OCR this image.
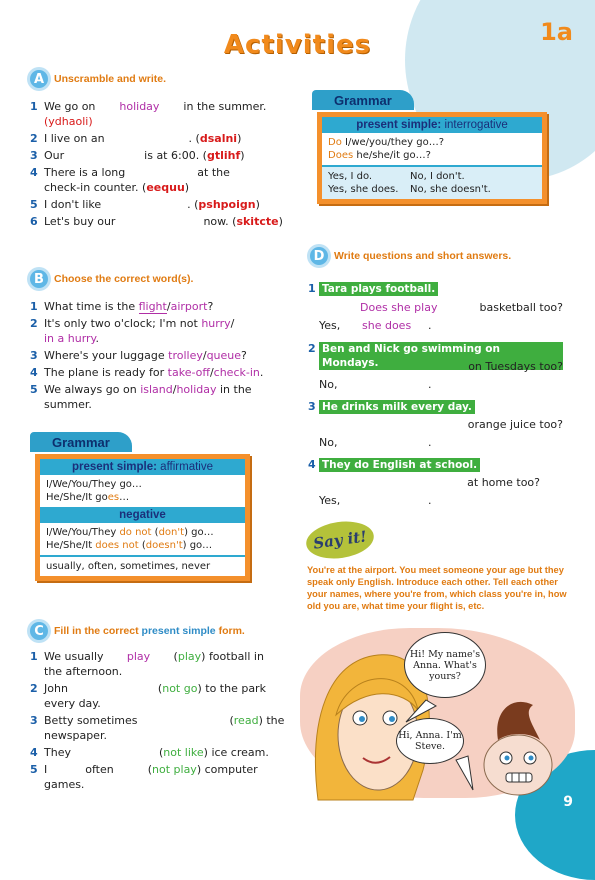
1a
Activities
A Unscramble and write.
1 We go on holiday in the summer.
(ydhaoli)
2 I live on an	. (dsalni)
3 Our	is at 6:00. (gtlihf)
4 There is a long	at the
check-in counter. (eequu)
5 I don't like	. (pshpoign)
6 Let's buy our	now. (skitcte)
B Choose the correct word(s).
1 What time is the flight/airport?
2 It's only two o'clock; I'm not hurry/
in a hurry.
3 Where's your luggage trolley/queue?
4 The plane is ready for take-off/check-in.
5 We always go on island/holiday in the
summer.
Grammar
present simple: affirmative
I/We/You/They go…
He/She/It goes…
negative
I/We/You/They do not (don't) go…
He/She/It does not (doesn't) go…
usually, often, sometimes, never
C Fill in the correct present simple form.
1 We usually play (play) football in
the afternoon.
2 John	(not go) to the park
every day.
3 Betty sometimes	(read) the
newspaper.
4 They	(not like) ice cream.
5 I	often	(not play) computer
games.
Grammar
present simple: interrogative
Do I/we/you/they go…?
Does he/she/it go…?
Yes, I do.	No, I don't.
Yes, she does.	No, she doesn't.
D Write questions and short answers.
1 Tara plays football.
Does she play	basketball too?
Yes, she does .
2 Ben and Nick go swimming on Mondays.	on Tuesdays too?
No,	.
3 He drinks milk every day.
orange juice too?
No,	.
4 They do English at school.
at home too?
Yes,	.
Say it!
You're at the airport. You meet someone your age but they speak only English. Introduce each other. Tell each other your names, where you're from, which class you're in, how old you are, what time your flight is, etc.
Hi! My name's Anna. What's yours?
Hi, Anna. I'm Steve.
9
